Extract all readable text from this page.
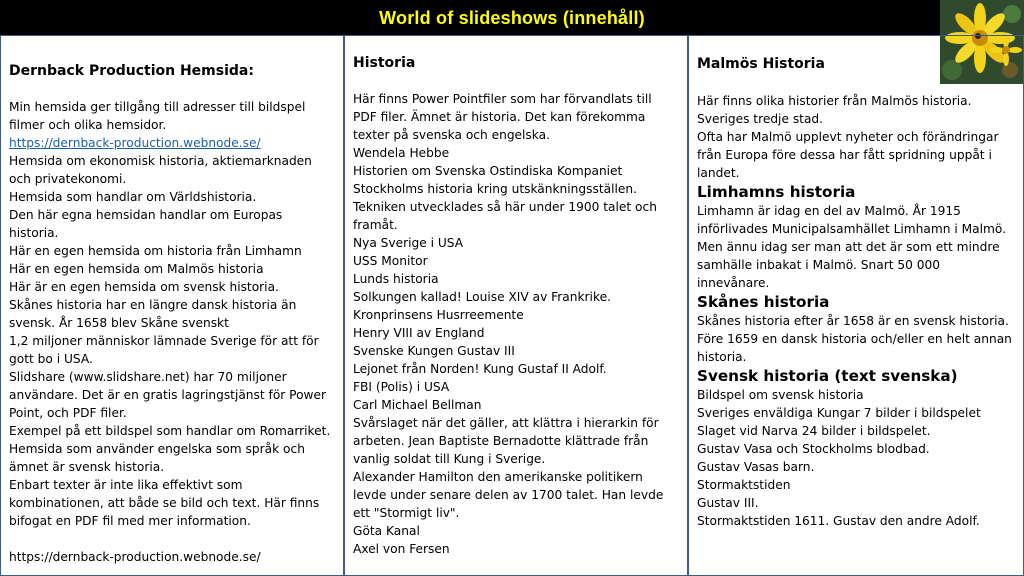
World of slideshows (innehåll)
Dernback Production Hemsida:
Min hemsida ger tillgång till adresser till bildspel filmer och olika hemsidor.
https://dernback-production.webnode.se/
Hemsida om ekonomisk historia, aktiemarknaden och privatekonomi.
Hemsida som handlar om Världshistoria.
Den här egna hemsidan handlar om Europas historia.
Här en egen hemsida om historia från Limhamn
Här en egen hemsida om Malmös historia
Här är en egen hemsida om svensk historia.
Skånes historia har en längre dansk historia än svensk. År 1658 blev Skåne svenskt
1,2 miljoner människor lämnade Sverige för att för gott bo i USA.
Slidshare (www.slidshare.net) har 70 miljoner användare. Det är en gratis lagringstjänst för Power Point, och PDF filer.
Exempel på ett bildspel som handlar om Romarriket.
Hemsida som använder engelska som språk och ämnet är svensk historia.
Enbart texter är inte lika effektivt som kombinationen, att både se bild och text. Här finns bifogat en PDF fil med mer information.
https://dernback-production.webnode.se/
Historia
Här finns Power Pointfiler som har förvandlats till PDF filer. Ämnet är historia. Det kan förekomma texter på svenska och engelska.
Wendela Hebbe
Historien om Svenska Ostindiska Kompaniet
Stockholms historia kring utskänkningsställen.
Tekniken utvecklades så här under 1900 talet och framåt.
Nya Sverige i USA
USS Monitor
Lunds historia
Solkungen kallad! Louise XIV av Frankrike.
Kronprinsens Husrreemente
Henry VIII av England
Svenske Kungen Gustav III
Lejonet från Norden! Kung Gustaf II Adolf.
FBI (Polis) i USA
Carl Michael Bellman
Svårslaget när det gäller, att klättra i hierarkin för arbeten. Jean Baptiste Bernadotte klättrade från vanlig soldat till Kung i Sverige.
Alexander Hamilton den amerikanske politikern levde under senare delen av 1700 talet. Han levde ett "Stormigt liv".
Göta Kanal
Axel von Fersen
Malmös Historia
Här finns olika historier från Malmös historia.
Sveriges tredje stad.
Ofta har Malmö upplevt nyheter och förändringar från Europa före dessa har fått spridning uppåt i landet.
Limhamns historia
Limhamn är idag en del av Malmö. År 1915 införlivades Municipalsamhället Limhamn i Malmö. Men ännu idag ser man att det är som ett mindre samhälle inbakat i Malmö. Snart 50 000 innevånare.
Skånes historia
Skånes historia efter år 1658 är en svensk historia. Före 1659 en dansk historia och/eller en helt annan historia.
Svensk historia (text svenska)
Bildspel om svensk historia
Sveriges enväldiga Kungar 7 bilder i bildspelet
Slaget vid Narva 24 bilder i bildspelet.
Gustav Vasa och Stockholms blodbad.
Gustav Vasas barn.
Stormaktstiden
Gustav III.
Stormaktstiden 1611. Gustav den andre Adolf.
